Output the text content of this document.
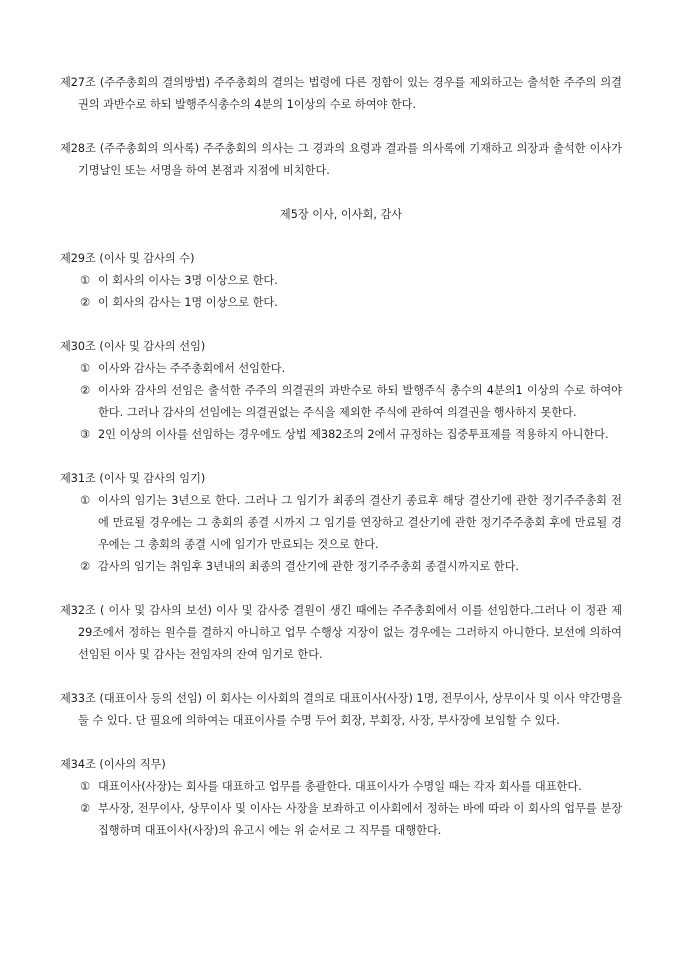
제27조 (주주총회의 결의방법) 주주총회의 결의는 법령에 다른 정함이 있는 경우를 제외하고는 출석한 주주의 의결권의 과반수로 하되 발행주식총수의 4분의 1이상의 수로 하여야 한다.
제28조 (주주총회의 의사록) 주주총회의 의사는 그 경과의 요령과 결과를 의사록에 기재하고 의장과 출석한 이사가 기명날인 또는 서명을 하여 본점과 지점에 비치한다.
제5장 이사, 이사회, 감사
제29조 (이사 및 감사의 수)
① 이 회사의 이사는 3명 이상으로 한다.
② 이 회사의 감사는 1명 이상으로 한다.
제30조 (이사 및 감사의 선임)
① 이사와 감사는 주주총회에서 선임한다.
② 이사와 감사의 선임은 출석한 주주의 의결권의 과반수로 하되 발행주식 총수의 4분의1 이상의 수로 하여야 한다. 그러나 감사의 선임에는 의결권없는 주식을 제외한 주식에 관하여 의결권을 행사하지 못한다.
③ 2인 이상의 이사를 선임하는 경우에도 상법 제382조의 2에서 규정하는 집중투표제를 적용하지 아니한다.
제31조 (이사 및 감사의 임기)
① 이사의 임기는 3년으로 한다. 그러나 그 임기가 최종의 결산기 종료후 해당 결산기에 관한 정기주주총회 전에 만료될 경우에는 그 총회의 종결 시까지 그 임기를 연장하고 결산기에 관한 정기주주총회 후에 만료될 경우에는 그 총회의 종결 시에 임기가 만료되는 것으로 한다.
② 감사의 임기는 취임후 3년내의 최종의 결산기에 관한 정기주주총회 종결시까지로 한다.
제32조 ( 이사 및 감사의 보선) 이사 및 감사중 결원이 생긴 때에는 주주총회에서 이를 선임한다.그러나 이 정관 제29조에서 정하는 원수를 결하지 아니하고 업무 수행상 지장이 없는 경우에는 그러하지 아니한다. 보선에 의하여 선임된 이사 및 감사는 전임자의 잔여 임기로 한다.
제33조 (대표이사 등의 선임) 이 회사는 이사회의 결의로 대표이사(사장) 1명, 전무이사, 상무이사 및 이사 약간명을 둘 수 있다. 단 필요에 의하여는 대표이사를 수명 두어 회장, 부회장, 사장, 부사장에 보임할 수 있다.
제34조 (이사의 직무)
① 대표이사(사장)는 회사를 대표하고 업무를 총괄한다. 대표이사가 수명일 때는 각자 회사를 대표한다.
② 부사장, 전무이사, 상무이사 및 이사는 사장을 보좌하고 이사회에서 정하는 바에 따라 이 회사의 업무를 분장 집행하며 대표이사(사장)의 유고시 에는 위 순서로 그 직무를 대행한다.
